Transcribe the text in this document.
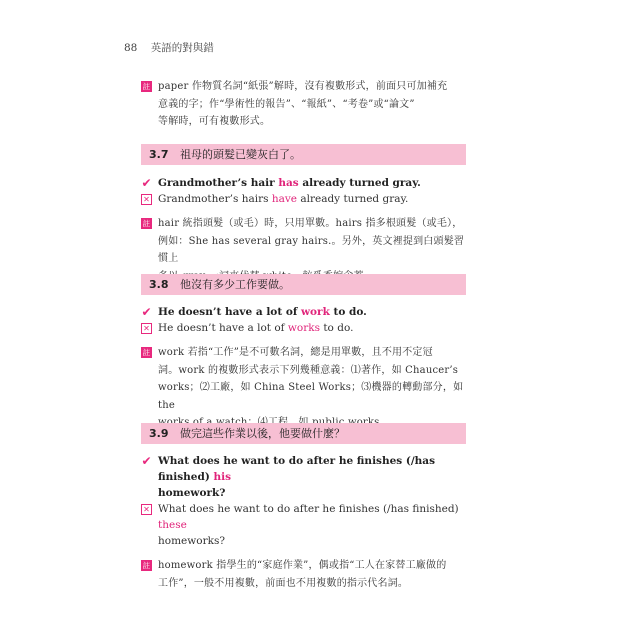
88 英語的對與錯
註 paper 作物質名詞“紙張”解時，沒有複數形式，前面只可加補充
意義的字；作“學術性的報告”、“報紙”、“考卷”或“論文”
等解時，可有複數形式。
3.7 祖母的頭髮已變灰白了。
✔ Grandmother’s hair has already turned gray.
✕ Grandmother’s hairs have already turned gray.
註 hair 統指頭髮（或毛）時，只用單數。hairs 指多根頭髮（或毛），
例如：She has several gray hairs.。另外，英文裡提到白頭髮習慣上
3.8 他沒有多少工作要做。
✔ He doesn’t have a lot of work to do.
✕ He doesn’t have a lot of works to do.
註 work 若指“工作”是不可數名詞，總是用單數，且不用不定冠
詞。work 的複數形式表示下列幾種意義：⑴著作，如 Chaucer’s
works；⑵工廠，如 China Steel Works；⑶機器的轉動部分，如 the
3.9 做完這些作業以後，他要做什麼？
✔ What does he want to do after he finishes (/has finished) his
homework?
✕ What does he want to do after he finishes (/has finished) these
homeworks?
註 homework 指學生的“家庭作業”，偶或指“工人在家替工廠做的
工作”，一般不用複數，前面也不用複數的指示代名詞。
